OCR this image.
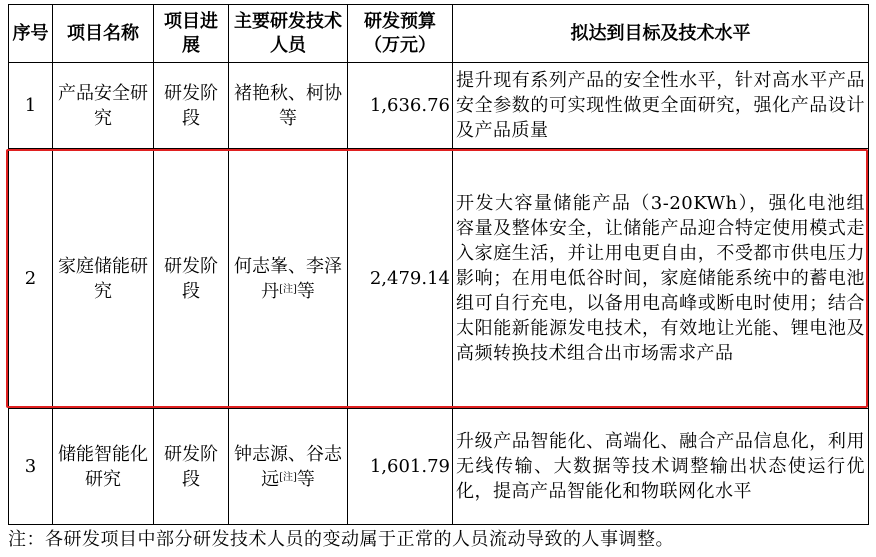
序号	项目名称	项目进展	主要研发技术人员	研发预算（万元）	拟达到目标及技术水平
1	产品安全研究	研发阶段	褚艳秋、柯协等	1,636.76	提升现有系列产品的安全性水平，针对高水平产品安全参数的可实现性做更全面研究，强化产品设计及产品质量
2	家庭储能研究	研发阶段	何志峯、李泽丹[注]等	2,479.14	开发大容量储能产品（3-20KWh），强化电池组容量及整体安全，让储能产品迎合特定使用模式走入家庭生活，并让用电更自由，不受都市供电压力影响；在用电低谷时间，家庭储能系统中的蓄电池组可自行充电，以备用电高峰或断电时使用；结合太阳能新能源发电技术，有效地让光能、锂电池及高频转换技术组合出市场需求产品
3	储能智能化研究	研发阶段	钟志源、谷志远[注]等	1,601.79	升级产品智能化、高端化、融合产品信息化，利用无线传输、大数据等技术调整输出状态使运行优化，提高产品智能化和物联网化水平
注：各研发项目中部分研发技术人员的变动属于正常的人员流动导致的人事调整。
